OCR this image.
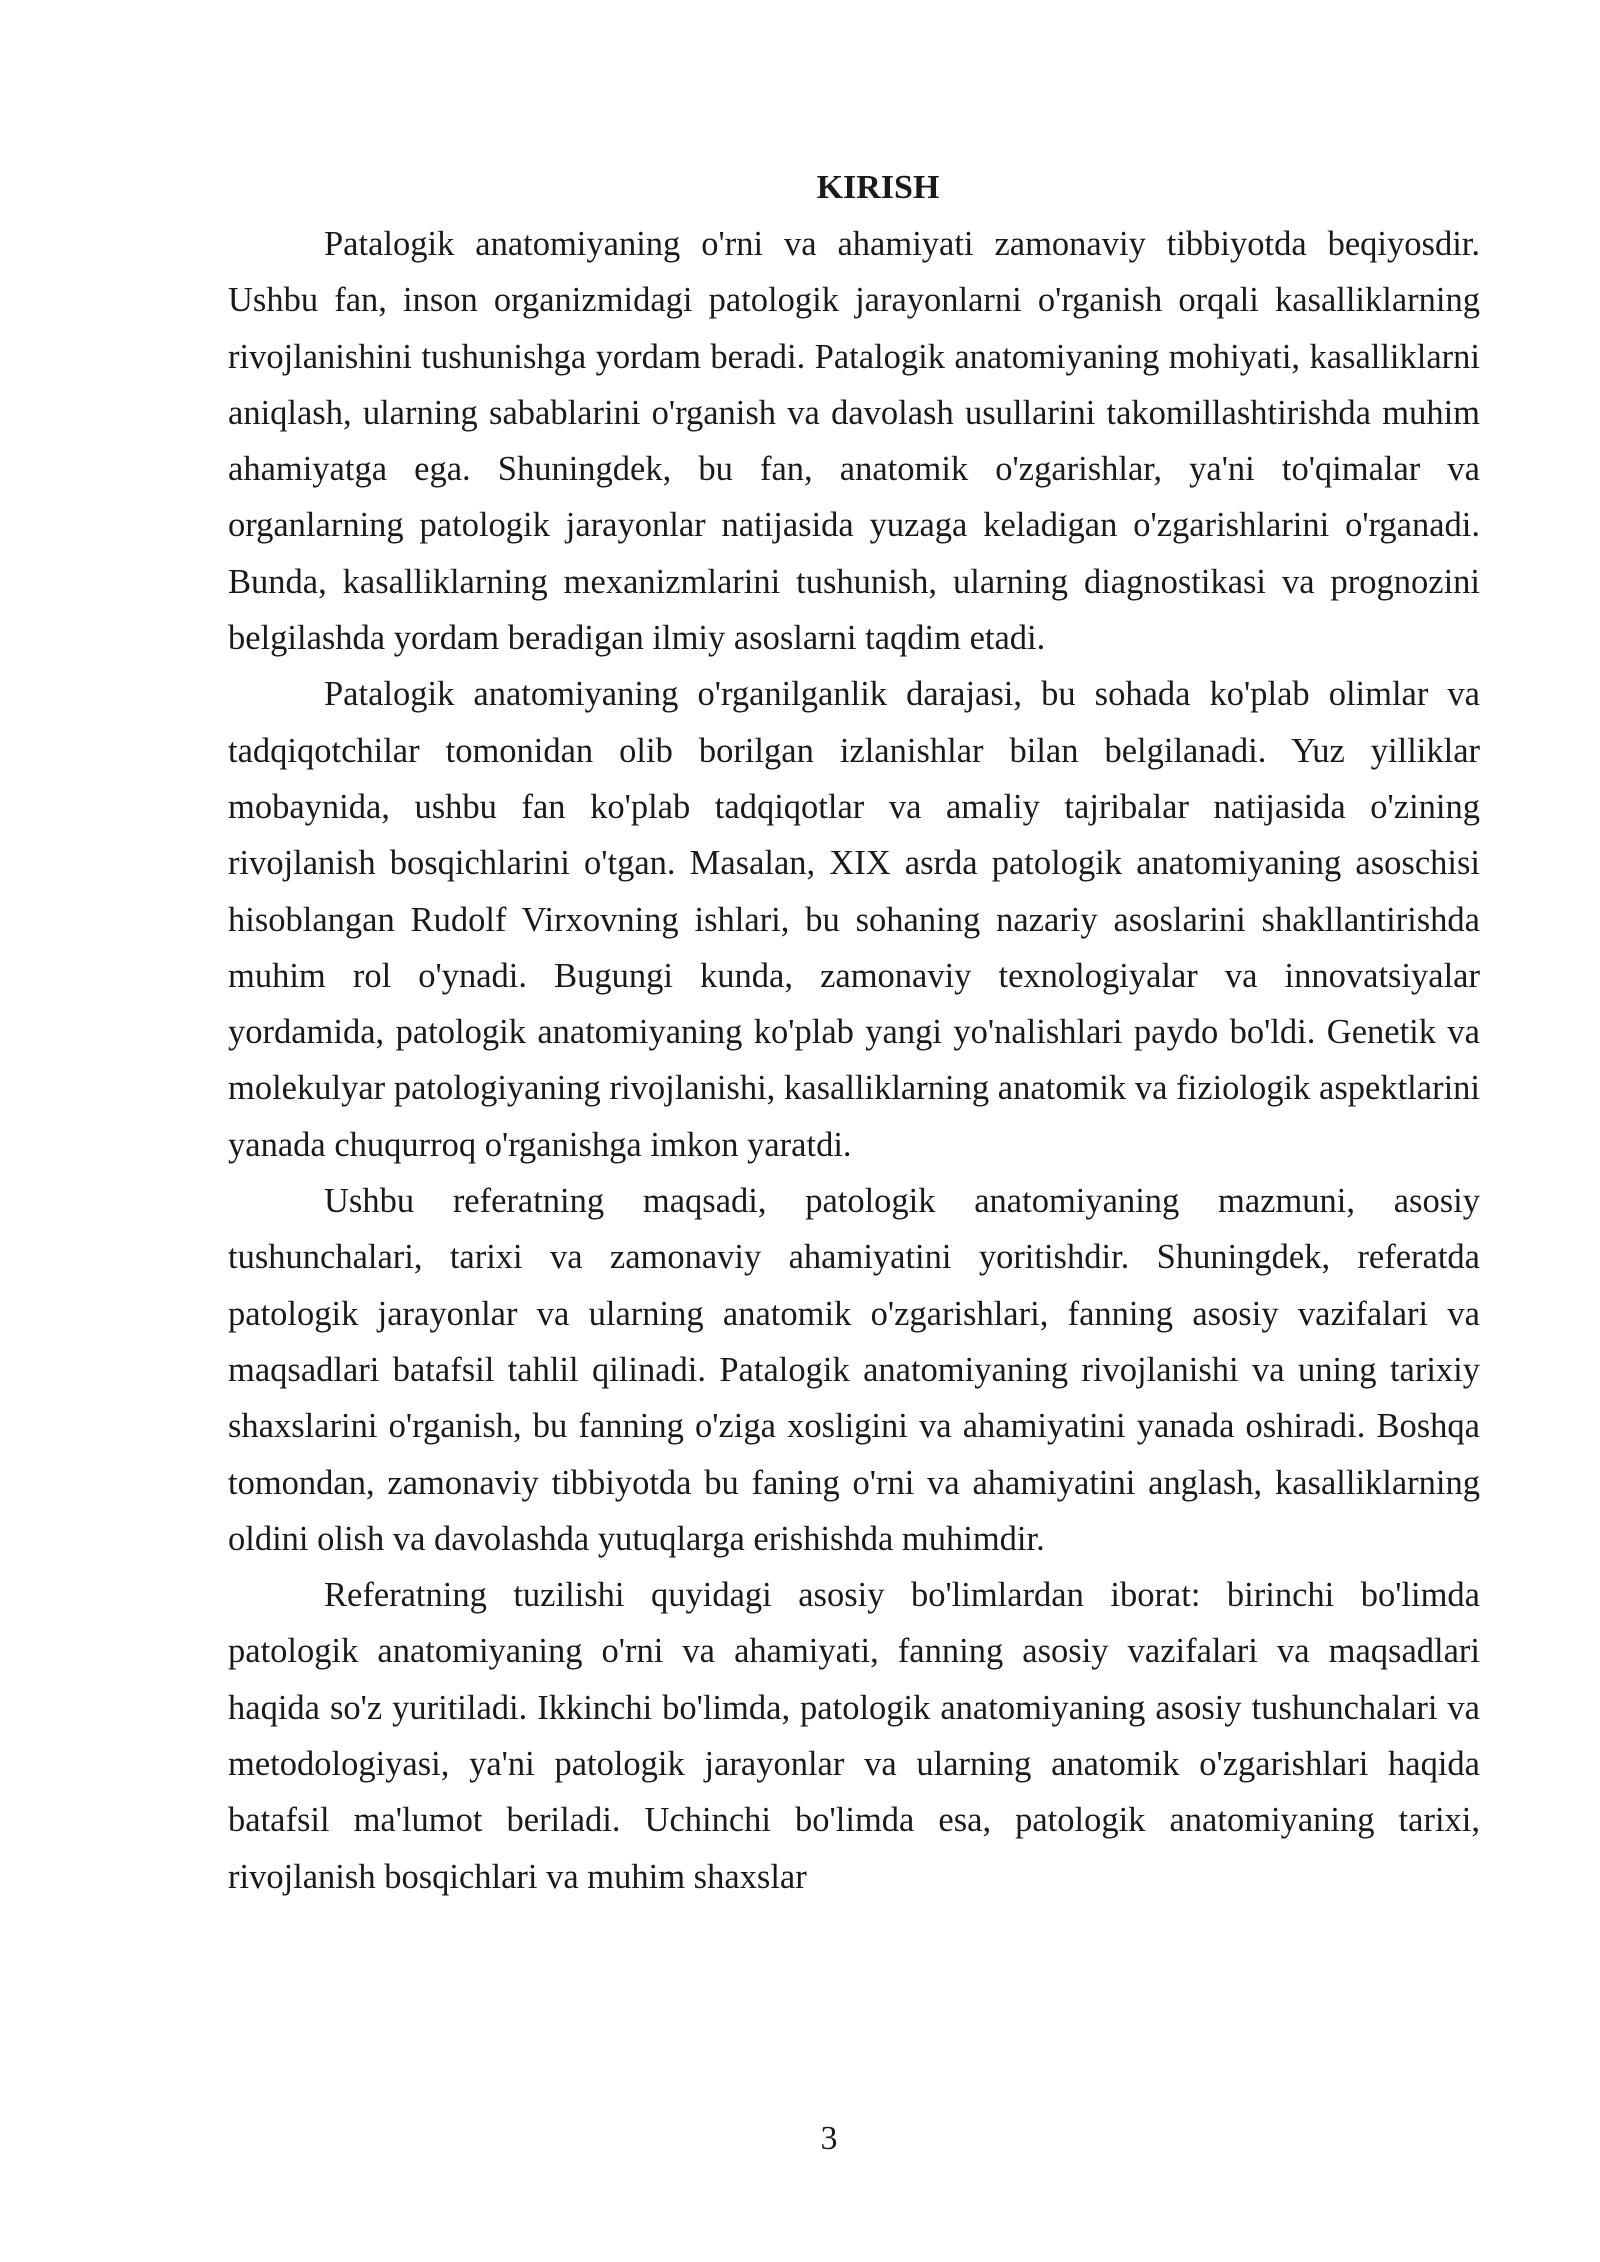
KIRISH

Patalogik anatomiyaning o'rni va ahamiyati zamonaviy tibbiyotda beqiyosdir. Ushbu fan, inson organizmidagi patologik jarayonlarni o'rganish orqali kasalliklarning rivojlanishini tushunishga yordam beradi. Patalogik anatomiyaning mohiyati, kasalliklarni aniqlash, ularning sabablarini o'rganish va davolash usullarini takomillashtirishda muhim ahamiyatga ega. Shuningdek, bu fan, anatomik o'zgarishlar, ya'ni to'qimalar va organlarning patologik jarayonlar natijasida yuzaga keladigan o'zgarishlarini o'rganadi. Bunda, kasalliklarning mexanizmlarini tushunish, ularning diagnostikasi va prognozini belgilashda yordam beradigan ilmiy asoslarni taqdim etadi.

Patalogik anatomiyaning o'rganilganlik darajasi, bu sohada ko'plab olimlar va tadqiqotchilar tomonidan olib borilgan izlanishlar bilan belgilanadi. Yuz yilliklar mobaynida, ushbu fan ko'plab tadqiqotlar va amaliy tajribalar natijasida o'zining rivojlanish bosqichlarini o'tgan. Masalan, XIX asrda patologik anatomiyaning asoschisi hisoblangan Rudolf Virxovning ishlari, bu sohaning nazariy asoslarini shakllantirishda muhim rol o'ynadi. Bugungi kunda, zamonaviy texnologiyalar va innovatsiyalar yordamida, patologik anatomiyaning ko'plab yangi yo'nalishlari paydo bo'ldi. Genetik va molekulyar patologiyaning rivojlanishi, kasalliklarning anatomik va fiziologik aspektlarini yanada chuqurroq o'rganishga imkon yaratdi.

Ushbu referatning maqsadi, patologik anatomiyaning mazmuni, asosiy tushunchalari, tarixi va zamonaviy ahamiyatini yoritishdir. Shuningdek, referatda patologik jarayonlar va ularning anatomik o'zgarishlari, fanning asosiy vazifalari va maqsadlari batafsil tahlil qilinadi. Patalogik anatomiyaning rivojlanishi va uning tarixiy shaxslarini o'rganish, bu fanning o'ziga xosligini va ahamiyatini yanada oshiradi. Boshqa tomondan, zamonaviy tibbiyotda bu faning o'rni va ahamiyatini anglash, kasalliklarning oldini olish va davolashda yutuqlarga erishishda muhimdir.

Referatning tuzilishi quyidagi asosiy bo'limlardan iborat: birinchi bo'limda patologik anatomiyaning o'rni va ahamiyati, fanning asosiy vazifalari va maqsadlari haqida so'z yuritiladi. Ikkinchi bo'limda, patologik anatomiyaning asosiy tushunchalari va metodologiyasi, ya'ni patologik jarayonlar va ularning anatomik o'zgarishlari haqida batafsil ma'lumot beriladi. Uchinchi bo'limda esa, patologik anatomiyaning tarixi, rivojlanish bosqichlari va muhim shaxslar

3
